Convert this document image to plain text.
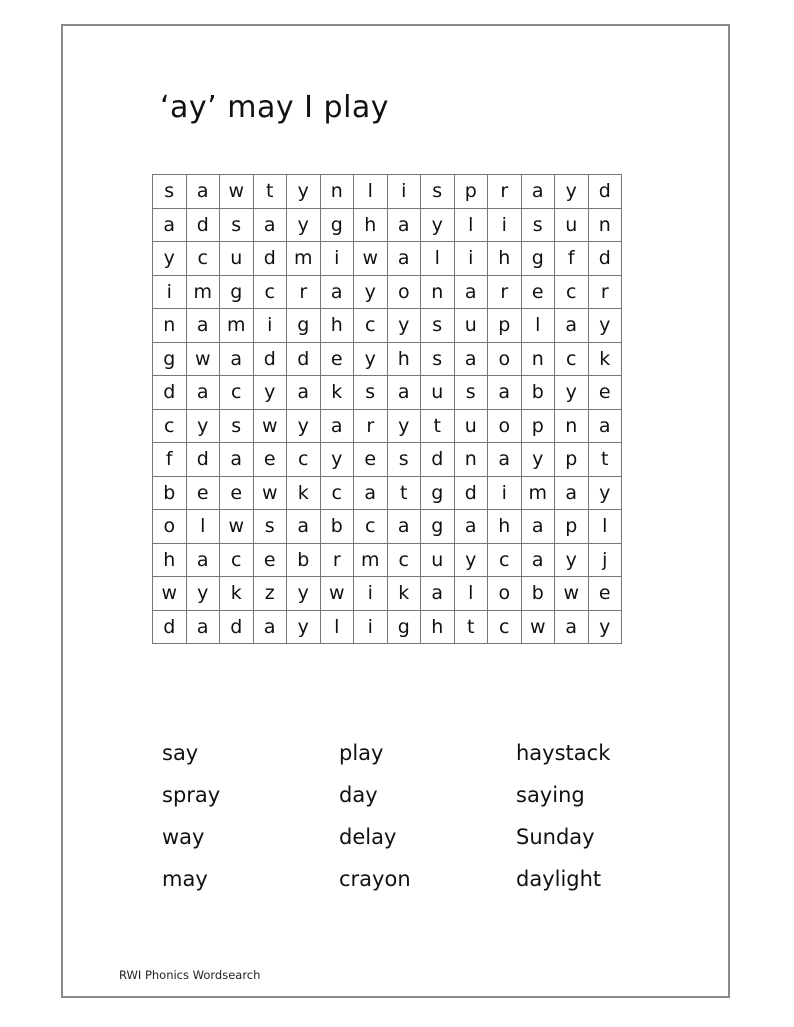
‘ay’ may I play
s	a	w	t	y	n	l	i	s	p	r	a	y	d
a	d	s	a	y	g	h	a	y	l	i	s	u	n
y	c	u	d	m	i	w	a	l	i	h	g	f	d
i	m	g	c	r	a	y	o	n	a	r	e	c	r
n	a	m	i	g	h	c	y	s	u	p	l	a	y
g	w	a	d	d	e	y	h	s	a	o	n	c	k
d	a	c	y	a	k	s	a	u	s	a	b	y	e
c	y	s	w	y	a	r	y	t	u	o	p	n	a
f	d	a	e	c	y	e	s	d	n	a	y	p	t
b	e	e	w	k	c	a	t	g	d	i	m	a	y
o	l	w	s	a	b	c	a	g	a	h	a	p	l
h	a	c	e	b	r	m	c	u	y	c	a	y	j
w	y	k	z	y	w	i	k	a	l	o	b	w	e
d	a	d	a	y	l	i	g	h	t	c	w	a	y
say	play	haystack
spray	day	saying
way	delay	Sunday
may	crayon	daylight
RWI Phonics Wordsearch
